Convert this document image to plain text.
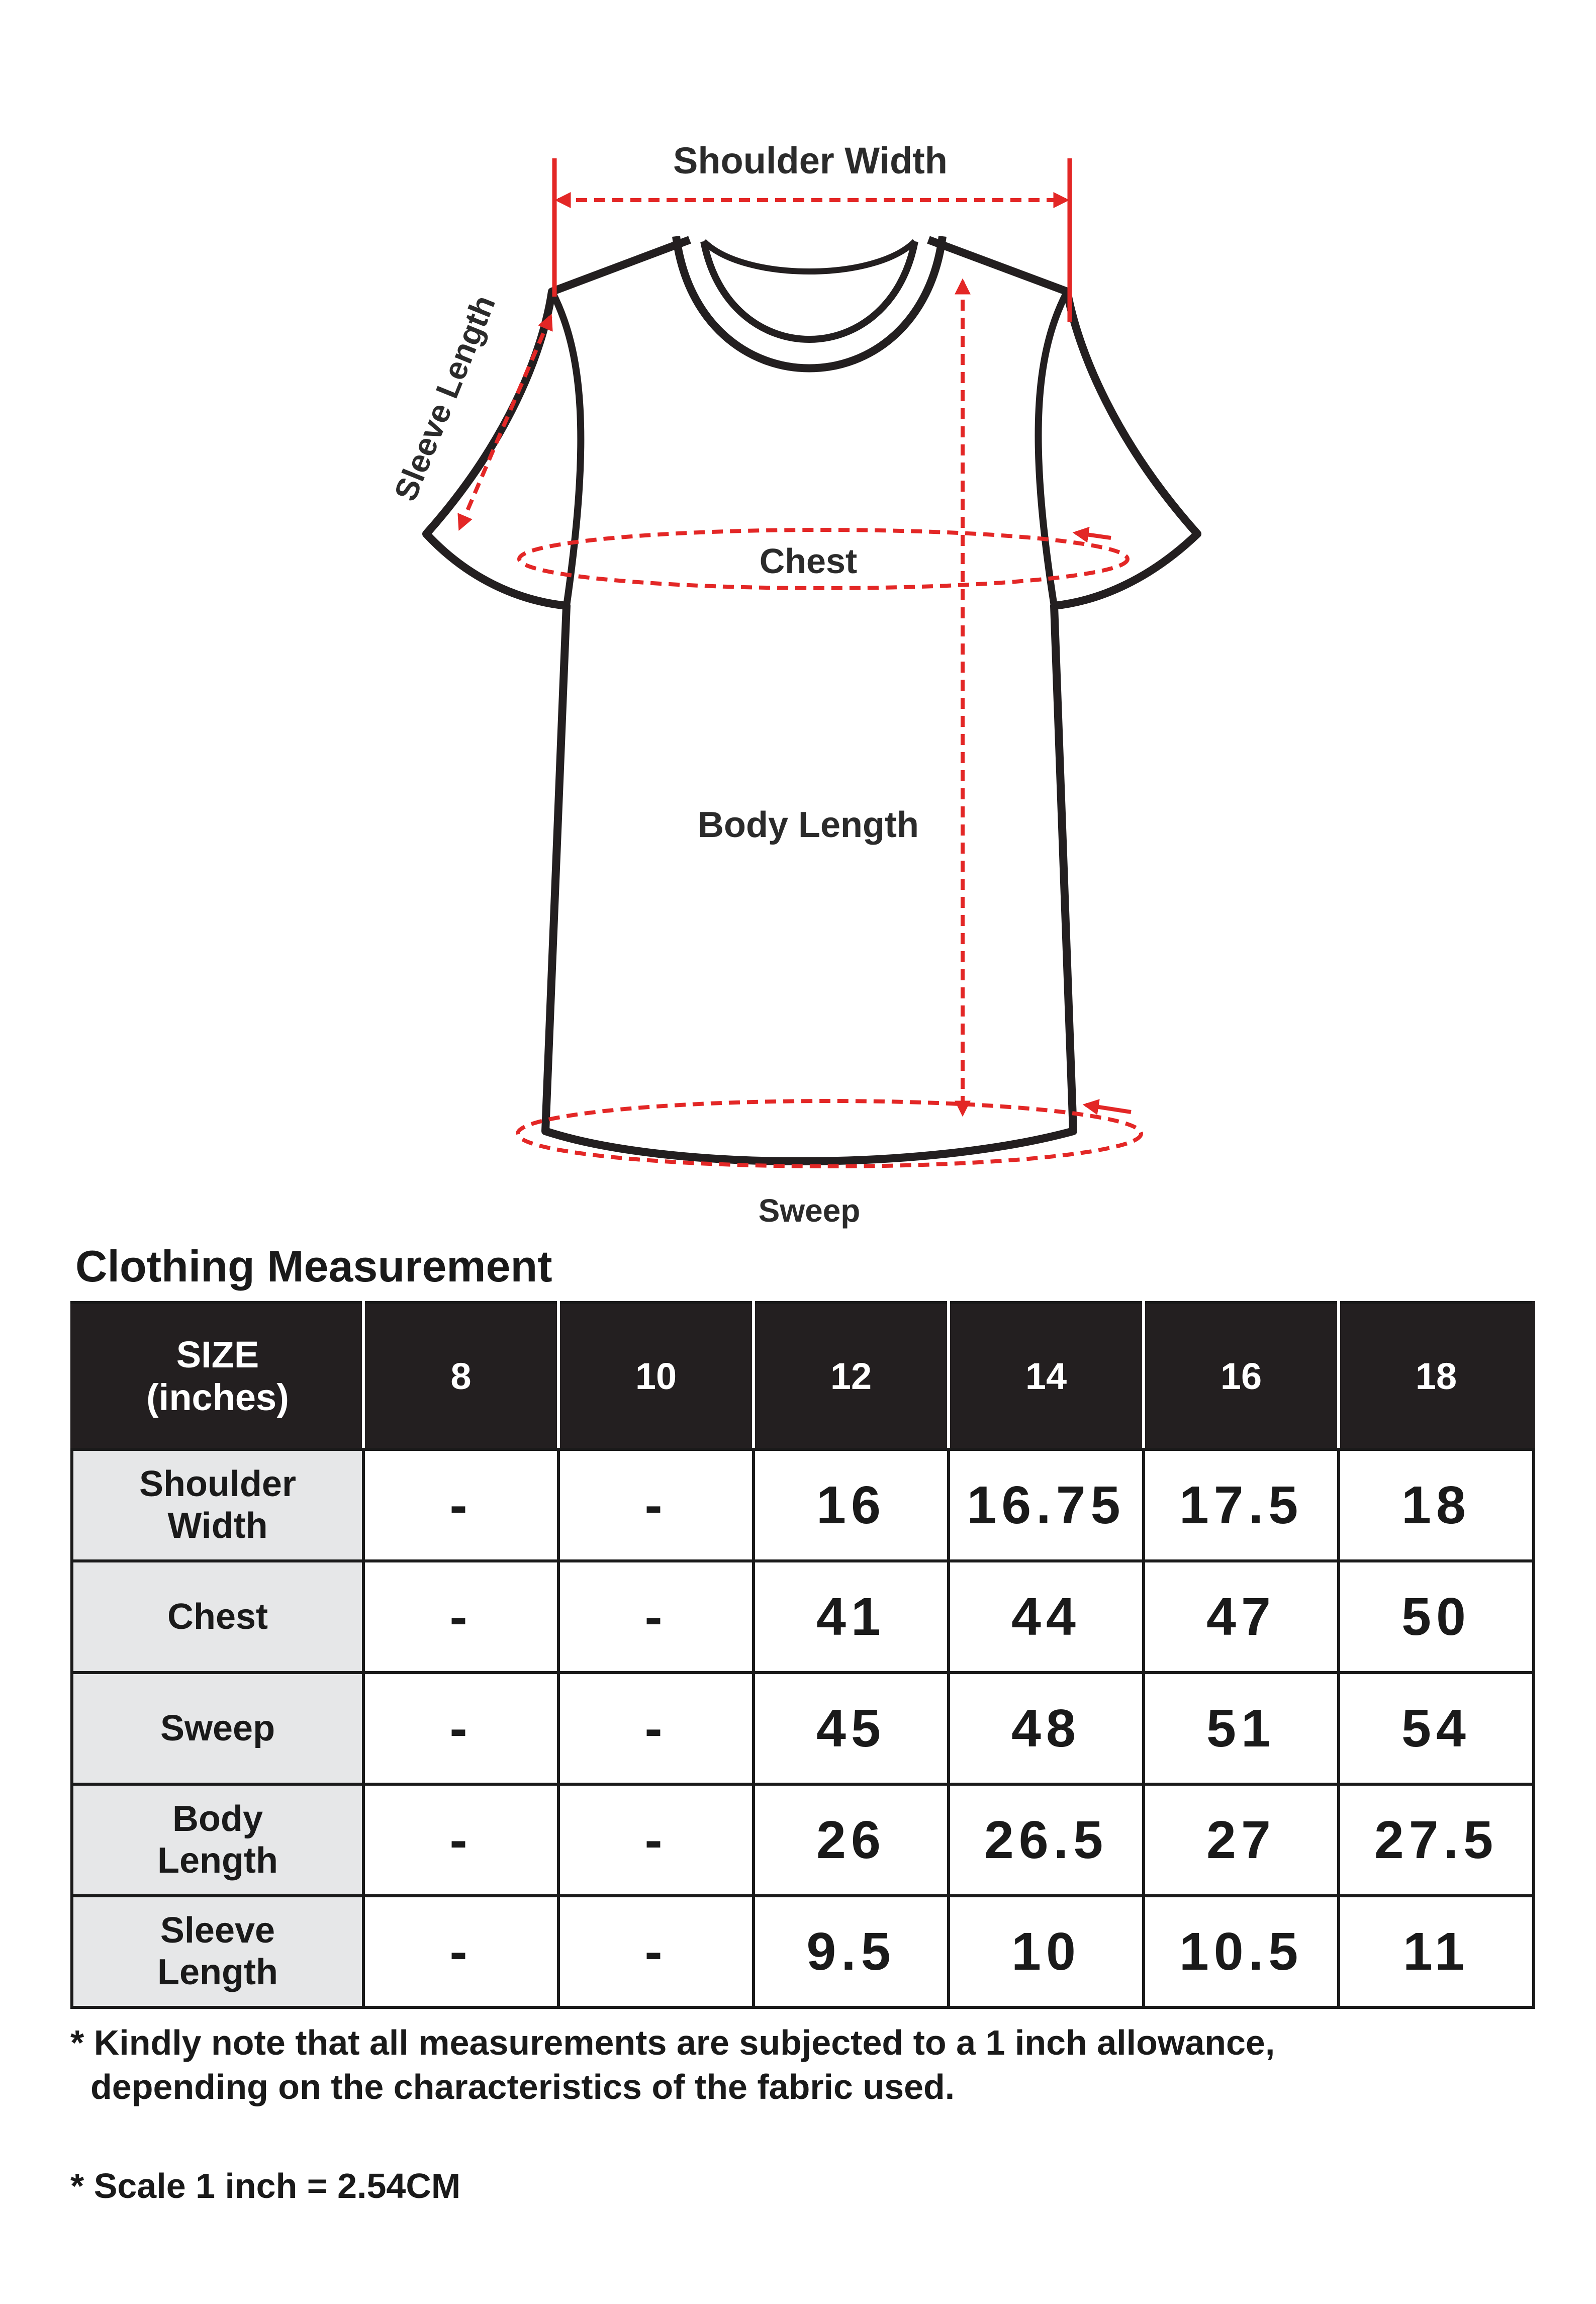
Shoulder Width
Sleeve Length
Chest
Body Length
Sweep
Clothing Measurement
SIZE
(inches)	8	10	12	14	16	18
Shoulder
Width	-	-	16	16.75	17.5	18
Chest	-	-	41	44	47	50
Sweep	-	-	45	48	51	54
Body
Length	-	-	26	26.5	27	27.5
Sleeve
Length	-	-	9.5	10	10.5	11
* Kindly note that all measurements are subjected to a 1 inch allowance,
depending on the characteristics of the fabric used.
* Scale 1 inch = 2.54CM
